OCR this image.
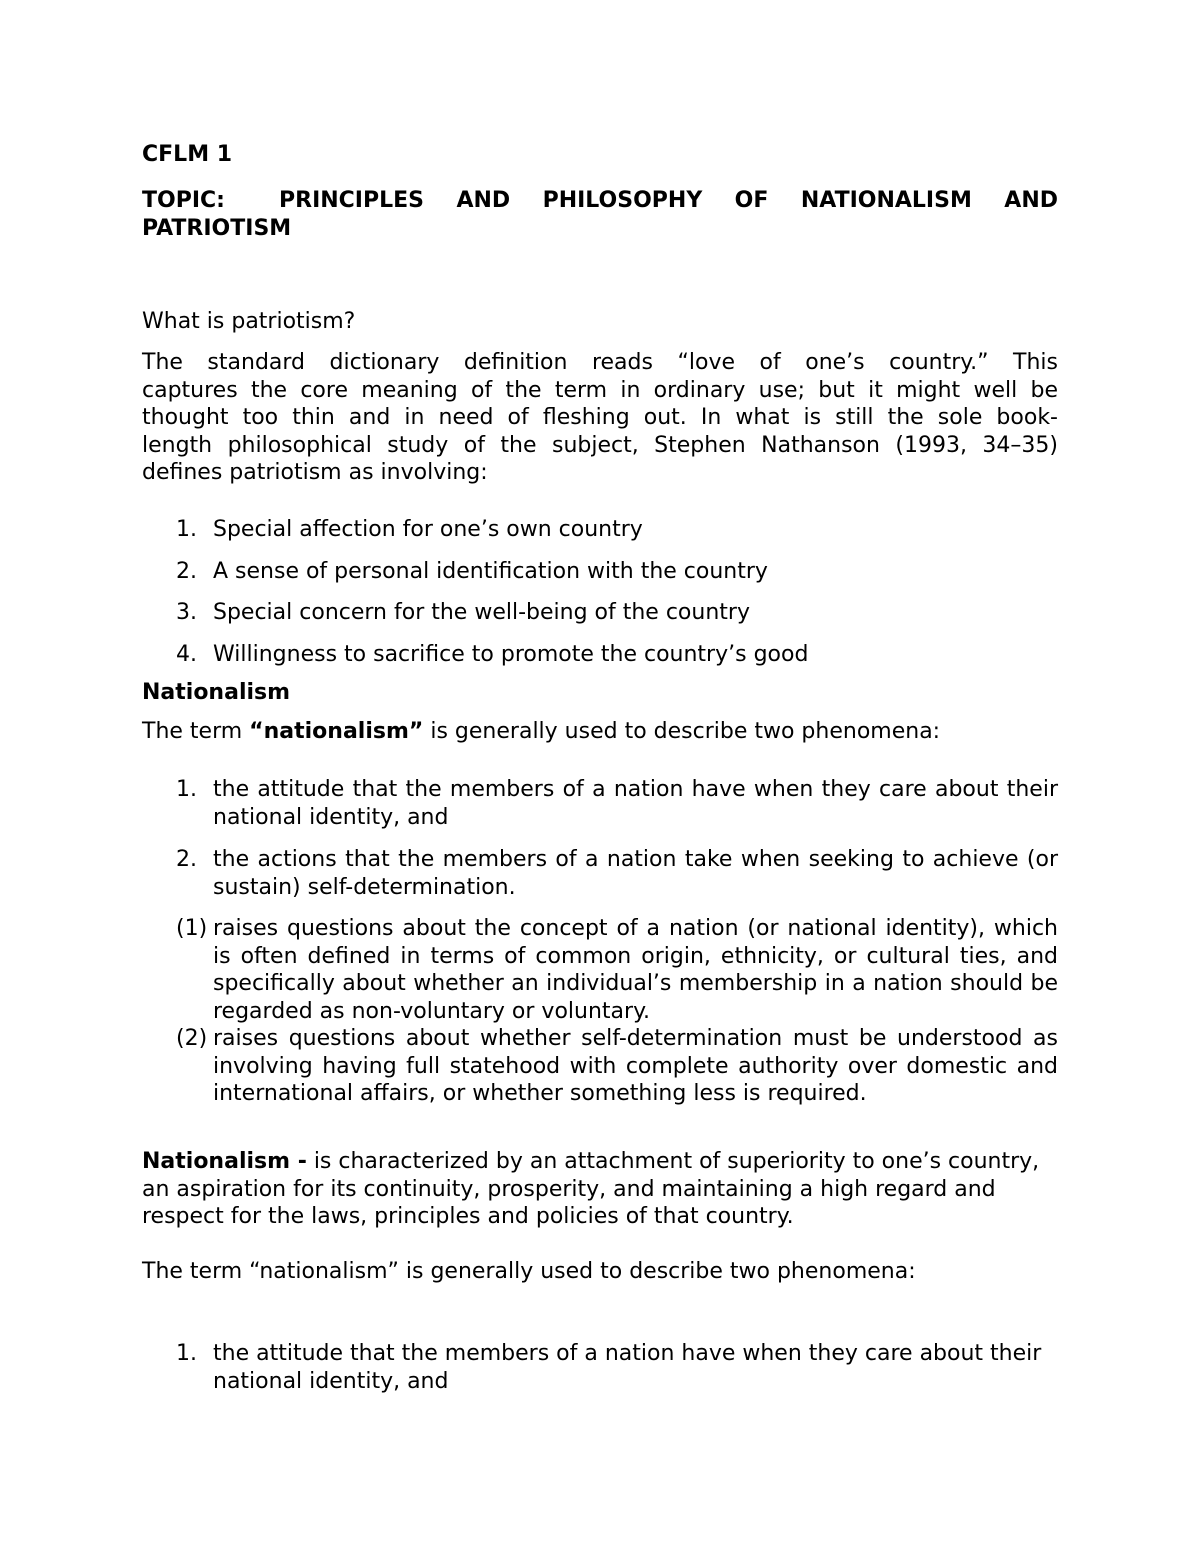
CFLM 1
TOPIC: PRINCIPLES AND PHILOSOPHY OF NATIONALISM AND PATRIOTISM
What is patriotism?
The standard dictionary definition reads “love of one’s country.” This
captures the core meaning of the term in ordinary use; but it might well be
thought too thin and in need of fleshing out. In what is still the sole book-
length philosophical study of the subject, Stephen Nathanson (1993, 34–35)
defines patriotism as involving:
1. Special affection for one’s own country
2. A sense of personal identification with the country
3. Special concern for the well-being of the country
4. Willingness to sacrifice to promote the country’s good
Nationalism
The term “nationalism” is generally used to describe two phenomena:
1. the attitude that the members of a nation have when they care about their national identity, and
2. the actions that the members of a nation take when seeking to achieve (or sustain) self-determination.
(1) raises questions about the concept of a nation (or national identity), which is often defined in terms of common origin, ethnicity, or cultural ties, and specifically about whether an individual’s membership in a nation should be regarded as non-voluntary or voluntary.
(2) raises questions about whether self-determination must be understood as involving having full statehood with complete authority over domestic and international affairs, or whether something less is required.
Nationalism - is characterized by an attachment of superiority to one’s country, an aspiration for its continuity, prosperity, and maintaining a high regard and respect for the laws, principles and policies of that country.
The term “nationalism” is generally used to describe two phenomena:
1. the attitude that the members of a nation have when they care about their national identity, and
